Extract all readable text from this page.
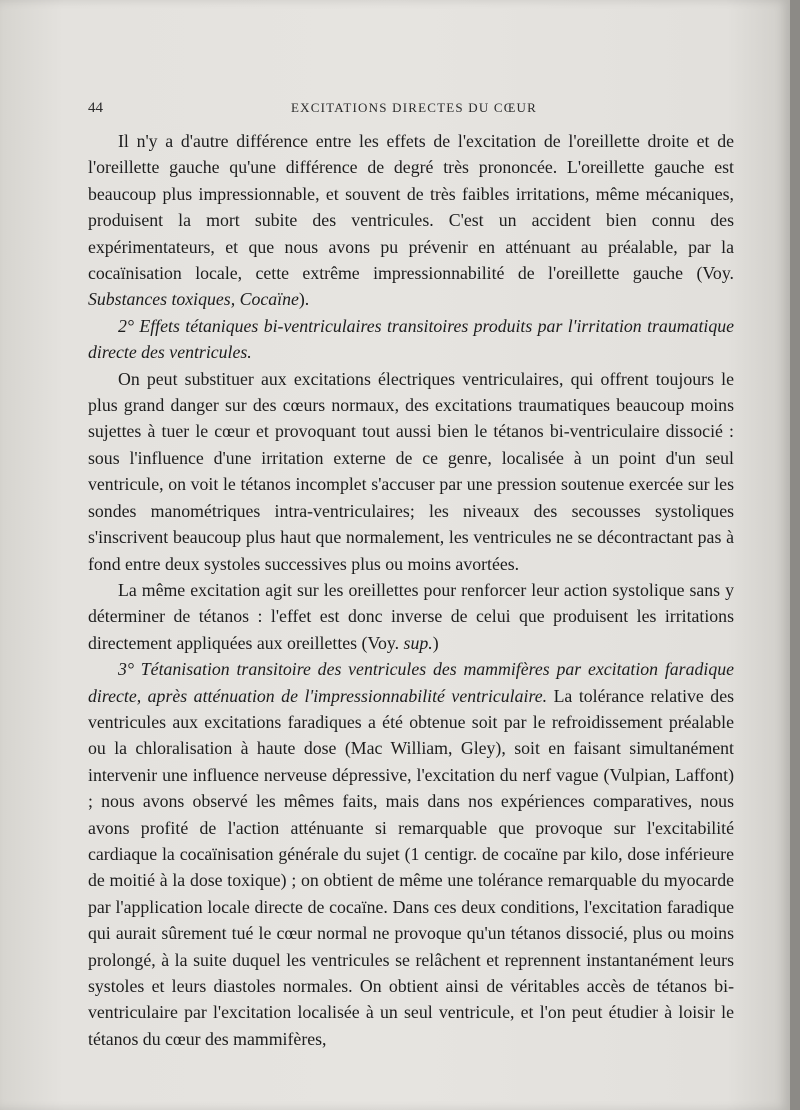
44	EXCITATIONS DIRECTES DU CŒUR

Il n'y a d'autre différence entre les effets de l'excitation de l'oreillette droite et de l'oreillette gauche qu'une différence de degré très prononcée. L'oreillette gauche est beaucoup plus impressionnable, et souvent de très faibles irritations, même mécaniques, produisent la mort subite des ventricules. C'est un accident bien connu des expérimentateurs, et que nous avons pu prévenir en atténuant au préalable, par la cocaïnisation locale, cette extrême impressionnabilité de l'oreillette gauche (Voy. Substances toxiques, Cocaïne).

2° Effets tétaniques bi-ventriculaires transitoires produits par l'irritation traumatique directe des ventricules.

On peut substituer aux excitations électriques ventriculaires, qui offrent toujours le plus grand danger sur des cœurs normaux, des excitations traumatiques beaucoup moins sujettes à tuer le cœur et provoquant tout aussi bien le tétanos bi-ventriculaire dissocié : sous l'influence d'une irritation externe de ce genre, localisée à un point d'un seul ventricule, on voit le tétanos incomplet s'accuser par une pression soutenue exercée sur les sondes manométriques intra-ventriculaires; les niveaux des secousses systoliques s'inscrivent beaucoup plus haut que normalement, les ventricules ne se décontractant pas à fond entre deux systoles successives plus ou moins avortées.

La même excitation agit sur les oreillettes pour renforcer leur action systolique sans y déterminer de tétanos : l'effet est donc inverse de celui que produisent les irritations directement appliquées aux oreillettes (Voy. sup.)

3° Tétanisation transitoire des ventricules des mammifères par excitation faradique directe, après atténuation de l'impressionnabilité ventriculaire. La tolérance relative des ventricules aux excitations faradiques a été obtenue soit par le refroidissement préalable ou la chloralisation à haute dose (Mac William, Gley), soit en faisant simultanément intervenir une influence nerveuse dépressive, l'excitation du nerf vague (Vulpian, Laffont) ; nous avons observé les mêmes faits, mais dans nos expériences comparatives, nous avons profité de l'action atténuante si remarquable que provoque sur l'excitabilité cardiaque la cocaïnisation générale du sujet (1 centigr. de cocaïne par kilo, dose inférieure de moitié à la dose toxique) ; on obtient de même une tolérance remarquable du myocarde par l'application locale directe de cocaïne. Dans ces deux conditions, l'excitation faradique qui aurait sûrement tué le cœur normal ne provoque qu'un tétanos dissocié, plus ou moins prolongé, à la suite duquel les ventricules se relâchent et reprennent instantanément leurs systoles et leurs diastoles normales. On obtient ainsi de véritables accès de tétanos bi-ventriculaire par l'excitation localisée à un seul ventricule, et l'on peut étudier à loisir le tétanos du cœur des mammifères,
